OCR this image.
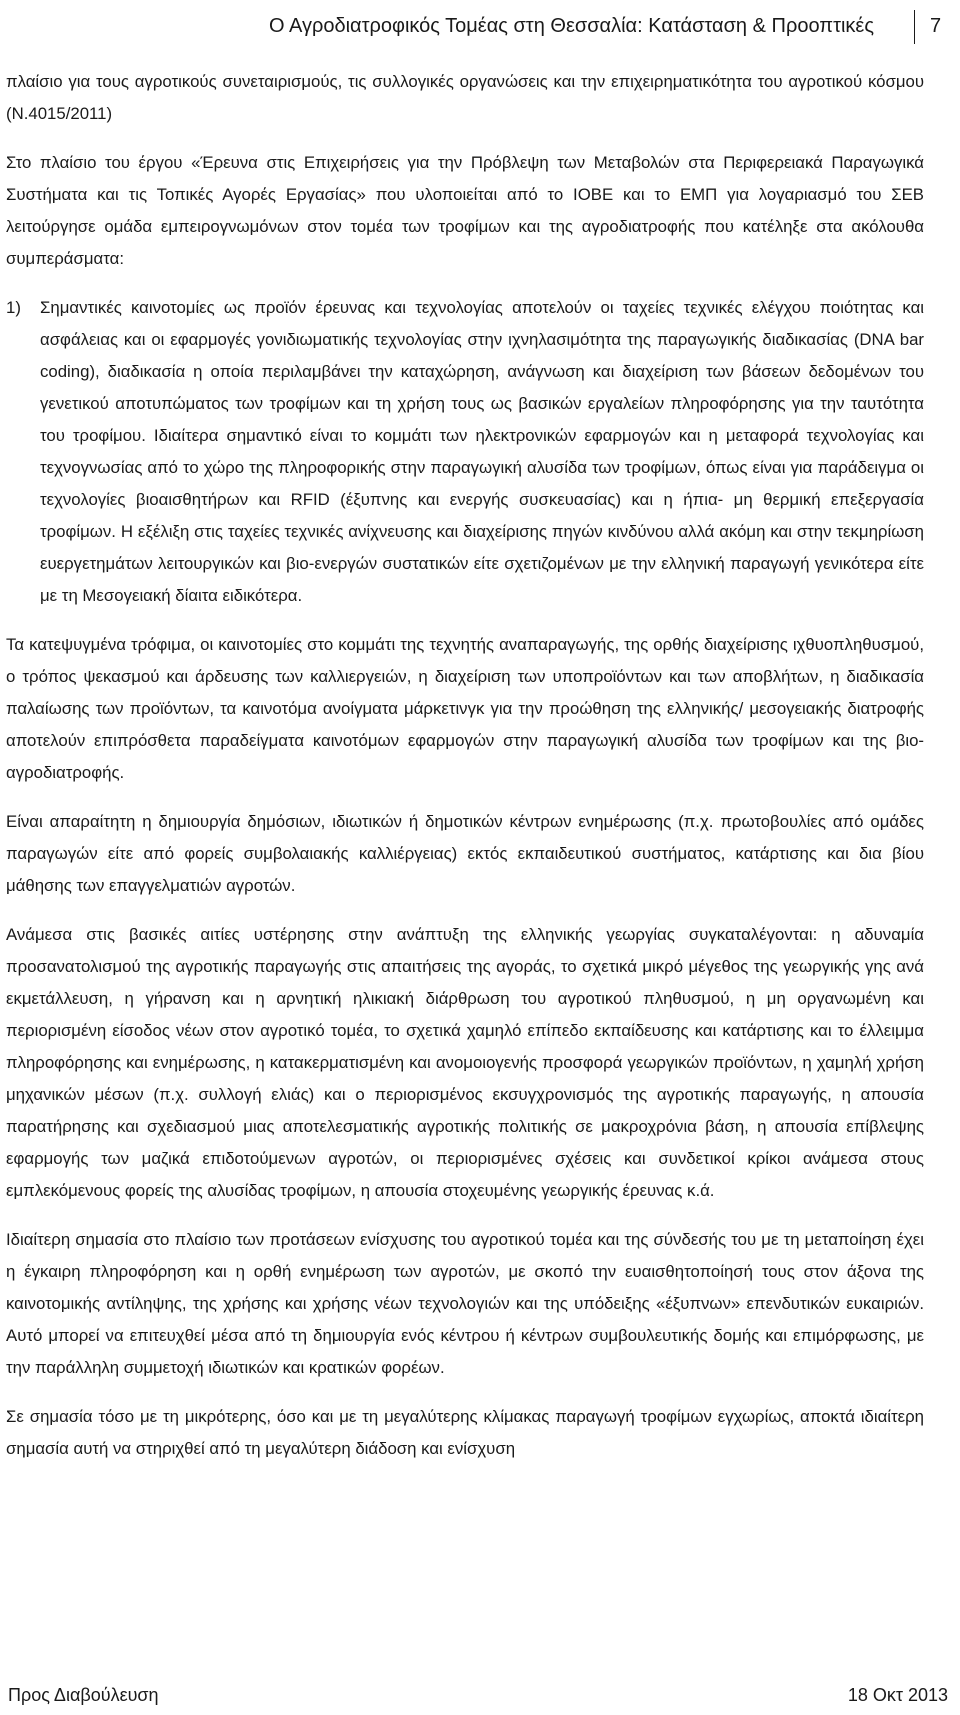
Ο Αγροδιατροφικός Τομέας στη Θεσσαλία: Κατάσταση & Προοπτικές	7

πλαίσιο για τους αγροτικούς συνεταιρισμούς, τις συλλογικές οργανώσεις και την επιχειρηματικότητα του αγροτικού κόσμου (Ν.4015/2011)

Στο πλαίσιο του έργου «Έρευνα στις Επιχειρήσεις για την Πρόβλεψη των Μεταβολών στα Περιφερειακά Παραγωγικά Συστήματα και τις Τοπικές Αγορές Εργασίας» που υλοποιείται από το ΙΟΒΕ και το ΕΜΠ για λογαριασμό του ΣΕΒ λειτούργησε ομάδα εμπειρογνωμόνων στον τομέα των τροφίμων και της αγροδιατροφής που κατέληξε στα ακόλουθα συμπεράσματα:

1) Σημαντικές καινοτομίες ως προϊόν έρευνας και τεχνολογίας αποτελούν οι ταχείες τεχνικές ελέγχου ποιότητας και ασφάλειας και οι εφαρμογές γονιδιωματικής τεχνολογίας στην ιχνηλασιμότητα της παραγωγικής διαδικασίας (DNA bar coding), διαδικασία η οποία περιλαμβάνει την καταχώρηση, ανάγνωση και διαχείριση των βάσεων δεδομένων του γενετικού αποτυπώματος των τροφίμων και τη χρήση τους ως βασικών εργαλείων πληροφόρησης για την ταυτότητα του τροφίμου. Ιδιαίτερα σημαντικό είναι το κομμάτι των ηλεκτρονικών εφαρμογών και η μεταφορά τεχνολογίας και τεχνογνωσίας από το χώρο της πληροφορικής στην παραγωγική αλυσίδα των τροφίμων, όπως είναι για παράδειγμα οι τεχνολογίες βιοαισθητήρων και RFID (έξυπνης και ενεργής συσκευασίας) και η ήπια- μη θερμική επεξεργασία τροφίμων. Η εξέλιξη στις ταχείες τεχνικές ανίχνευσης και διαχείρισης πηγών κινδύνου αλλά ακόμη και στην τεκμηρίωση ευεργετημάτων λειτουργικών και βιο-ενεργών συστατικών είτε σχετιζομένων με την ελληνική παραγωγή γενικότερα είτε με τη Μεσογειακή δίαιτα ειδικότερα.

Τα κατεψυγμένα τρόφιμα, οι καινοτομίες στο κομμάτι της τεχνητής αναπαραγωγής, της ορθής διαχείρισης ιχθυοπληθυσμού, ο τρόπος ψεκασμού και άρδευσης των καλλιεργειών, η διαχείριση των υποπροϊόντων και των αποβλήτων, η διαδικασία παλαίωσης των προϊόντων, τα καινοτόμα ανοίγματα μάρκετινγκ για την προώθηση της ελληνικής/ μεσογειακής διατροφής αποτελούν επιπρόσθετα παραδείγματα καινοτόμων εφαρμογών στην παραγωγική αλυσίδα των τροφίμων και της βιο-αγροδιατροφής.

Είναι απαραίτητη η δημιουργία δημόσιων, ιδιωτικών ή δημοτικών κέντρων ενημέρωσης (π.χ. πρωτοβουλίες από ομάδες παραγωγών είτε από φορείς συμβολαιακής καλλιέργειας) εκτός εκπαιδευτικού συστήματος, κατάρτισης και δια βίου μάθησης των επαγγελματιών αγροτών.

Ανάμεσα στις βασικές αιτίες υστέρησης στην ανάπτυξη της ελληνικής γεωργίας συγκαταλέγονται: η αδυναμία προσανατολισμού της αγροτικής παραγωγής στις απαιτήσεις της αγοράς, το σχετικά μικρό μέγεθος της γεωργικής γης ανά εκμετάλλευση, η γήρανση και η αρνητική ηλικιακή διάρθρωση του αγροτικού πληθυσμού, η μη οργανωμένη και περιορισμένη είσοδος νέων στον αγροτικό τομέα, το σχετικά χαμηλό επίπεδο εκπαίδευσης και κατάρτισης και το έλλειμμα πληροφόρησης και ενημέρωσης, η κατακερματισμένη και ανομοιογενής προσφορά γεωργικών προϊόντων, η χαμηλή χρήση μηχανικών μέσων (π.χ. συλλογή ελιάς) και ο περιορισμένος εκσυγχρονισμός της αγροτικής παραγωγής, η απουσία παρατήρησης και σχεδιασμού μιας αποτελεσματικής αγροτικής πολιτικής σε μακροχρόνια βάση, η απουσία επίβλεψης εφαρμογής των μαζικά επιδοτούμενων αγροτών, οι περιορισμένες σχέσεις και συνδετικοί κρίκοι ανάμεσα στους εμπλεκόμενους φορείς της αλυσίδας τροφίμων, η απουσία στοχευμένης γεωργικής έρευνας κ.ά.

Ιδιαίτερη σημασία στο πλαίσιο των προτάσεων ενίσχυσης του αγροτικού τομέα και της σύνδεσής του με τη μεταποίηση έχει η έγκαιρη πληροφόρηση και η ορθή ενημέρωση των αγροτών, με σκοπό την ευαισθητοποίησή τους στον άξονα της καινοτομικής αντίληψης, της χρήσης και χρήσης νέων τεχνολογιών και της υπόδειξης «έξυπνων» επενδυτικών ευκαιριών. Αυτό μπορεί να επιτευχθεί μέσα από τη δημιουργία ενός κέντρου ή κέντρων συμβουλευτικής δομής και επιμόρφωσης, με την παράλληλη συμμετοχή ιδιωτικών και κρατικών φορέων.

Σε σημασία τόσο με τη μικρότερης, όσο και με τη μεγαλύτερης κλίμακας παραγωγή τροφίμων εγχωρίως, αποκτά ιδιαίτερη σημασία αυτή να στηριχθεί από τη μεγαλύτερη διάδοση και ενίσχυση

Προς Διαβούλευση	18 Οκτ 2013
